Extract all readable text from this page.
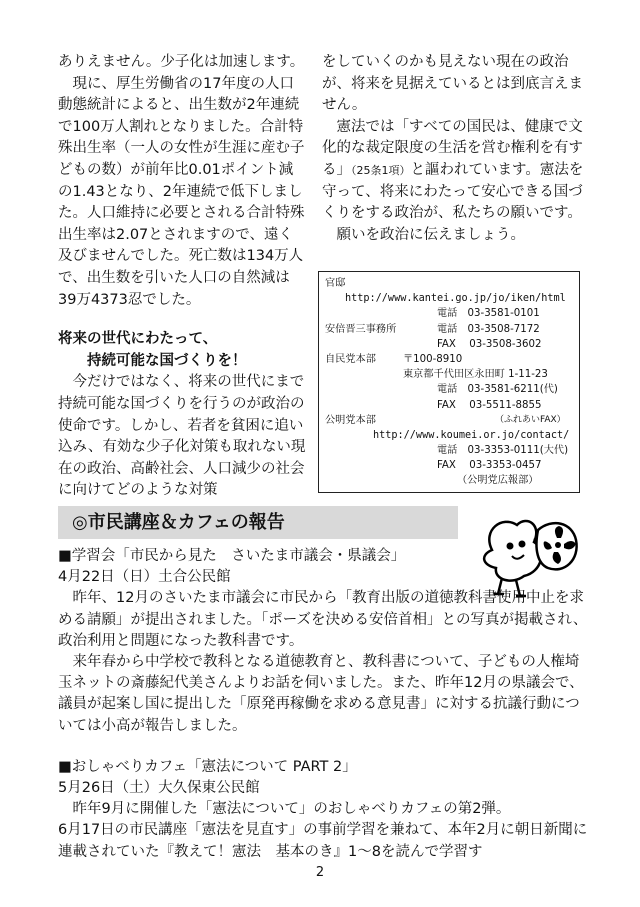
ありえません。少子化は加速します。

現に、厚生労働省の17年度の人口動態統計によると、出生数が2年連続で100万人割れとなりました。合計特殊出生率（一人の女性が生涯に産む子どもの数）が前年比0.01ポイント減の1.43となり、2年連続で低下しました。人口維持に必要とされる合計特殊出生率は2.07とされますので、遠く及びませんでした。死亡数は134万人で、出生数を引いた人口の自然減は39万4373忍でした。

将来の世代にわたって、

持続可能な国づくりを！

今だけではなく、将来の世代にまで持続可能な国づくりを行うのが政治の使命です。しかし、若者を貧困に追い込み、有効な少子化対策も取れない現在の政治、高齢社会、人口減少の社会に向けてどのような対策

をしていくのかも見えない現在の政治が、将来を見据えているとは到底言えません。

憲法では「すべての国民は、健康で文化的な裁定限度の生活を営む権利を有する」（25条1項）と謳われています。憲法を守って、将来にわたって安心できる国づくりをする政治が、私たちの願いです。

願いを政治に伝えましょう。

官邸
http://www.kantei.go.jp/jo/iken/html
電話　03-3581-0101
安倍晋三事務所	電話　03-3508-7172
FAX　 03-3508-3602
自民党本部	〒100-8910
東京都千代田区永田町 1-11-23
電話　03-3581-6211(代)
FAX　 03-5511-8855
公明党本部	（ふれあいFAX）
http://www.koumei.or.jo/contact/
電話　03-3353-0111(大代)
FAX　 03-3353-0457
（公明党広報部）
◎市民講座＆カフェの報告

■学習会「市民から見た　さいたま市議会・県議会」

4月22日（日）土合公民館

昨年、12月のさいたま市議会に市民から「教育出版の道徳教科書使用中止を求める請願」が提出されました。「ポーズを決める安倍首相」との写真が掲載され、政治利用と問題になった教科書です。

来年春から中学校で教科となる道徳教育と、教科書について、子どもの人権埼玉ネットの斎藤紀代美さんよりお話を伺いました。また、昨年12月の県議会で、議員が起案し国に提出した「原発再稼働を求める意見書」に対する抗議行動については小高が報告しました。

■おしゃべりカフェ「憲法について PART 2」

5月26日（土）大久保東公民館

昨年9月に開催した「憲法について」のおしゃべりカフェの第2弾。

6月17日の市民講座「憲法を見直す」の事前学習を兼ねて、本年2月に朝日新聞に連載されていた『教えて！憲法　基本のき』1～8を読んで学習す

2
